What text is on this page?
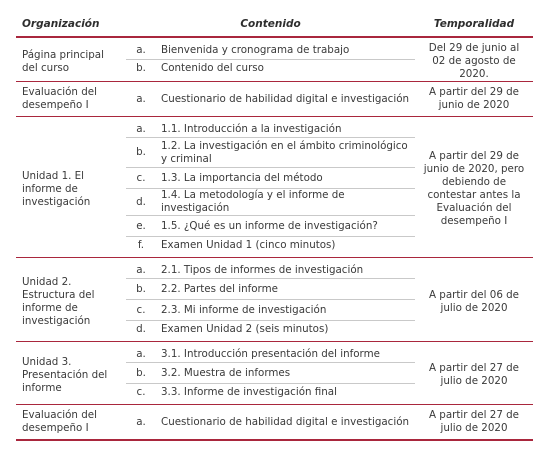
Organización	Contenido		Temporalidad
Página principal del curso	a.	Bienvenida y cronograma de trabajo	Del 29 de junio al 02 de agosto de 2020.
	b.	Contenido del curso	
Evaluación del desempeño I	a.	Cuestionario de habilidad digital e investigación	A partir del 29 de junio de 2020
Unidad 1. El informe de investigación	a.	1.1. Introducción a la investigación	A partir del 29 de junio de 2020, pero debiendo de contestar antes la Evaluación del desempeño I
	b.	1.2. La investigación en el ámbito criminológico y criminal	
	c.	1.3. La importancia del método	
	d.	1.4. La metodología y el informe de investigación	
	e.	1.5. ¿Qué es un informe de investigación?	
	f.	Examen Unidad 1 (cinco minutos)	
Unidad 2. Estructura del informe de investigación	a.	2.1. Tipos de informes de investigación	A partir del 06 de julio de 2020
	b.	2.2. Partes del informe	
	c.	2.3. Mi informe de investigación	
	d.	Examen Unidad 2 (seis minutos)	
Unidad 3. Presentación del informe	a.	3.1. Introducción presentación del informe	A partir del 27 de julio de 2020
	b.	3.2. Muestra de informes	
	c.	3.3. Informe de investigación final	
Evaluación del desempeño I	a.	Cuestionario de habilidad digital e investigación	A partir del 27 de julio de 2020
